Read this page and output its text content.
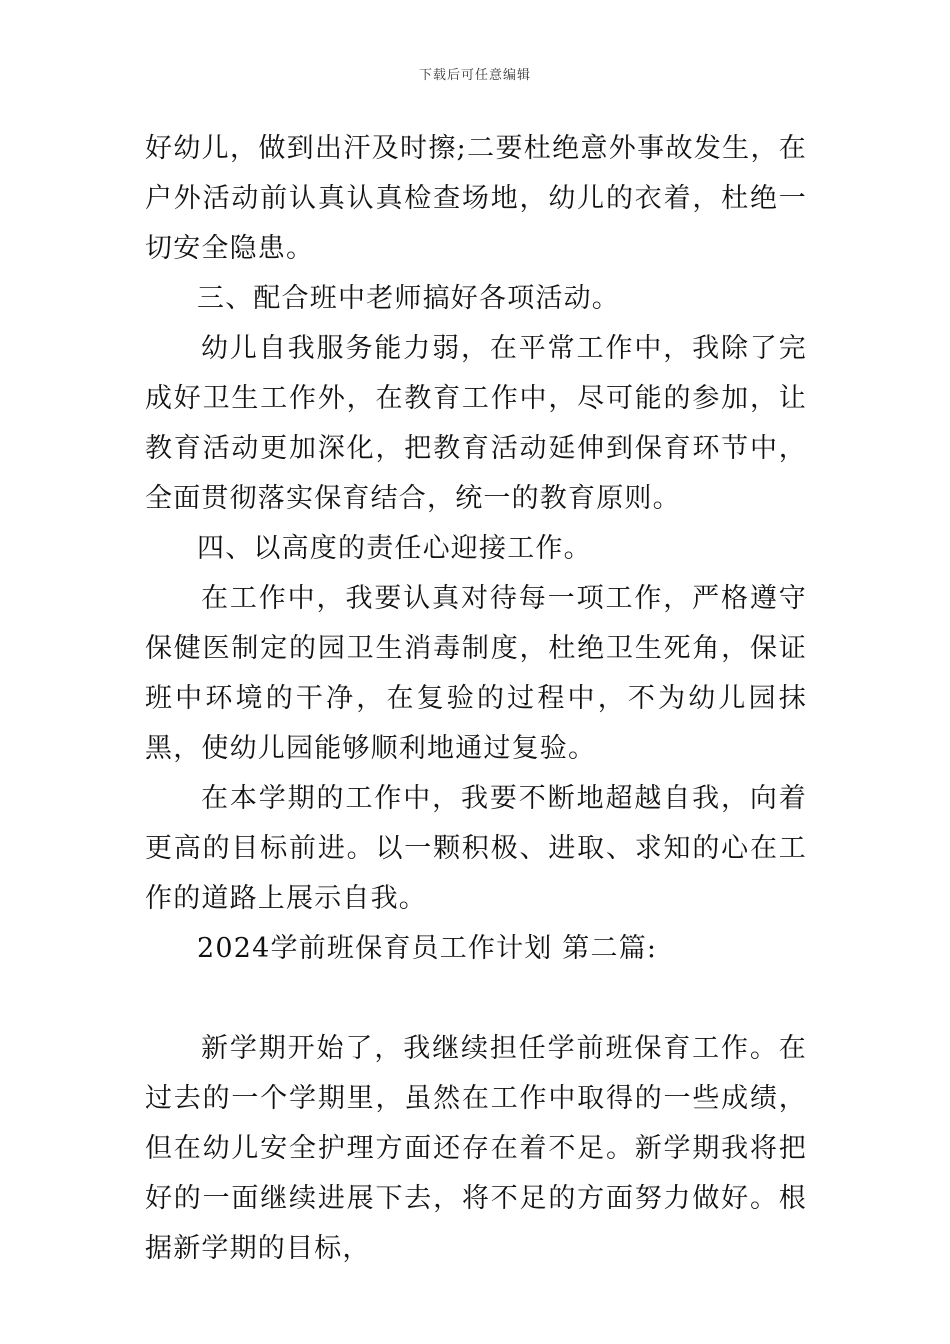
下载后可任意编辑

好幼儿，做到出汗及时擦;二要杜绝意外事故发生，在户外活动前认真认真检查场地，幼儿的衣着，杜绝一切安全隐患。

三、配合班中老师搞好各项活动。

幼儿自我服务能力弱，在平常工作中，我除了完成好卫生工作外，在教育工作中，尽可能的参加，让教育活动更加深化，把教育活动延伸到保育环节中，全面贯彻落实保育结合，统一的教育原则。

四、以高度的责任心迎接工作。

在工作中，我要认真对待每一项工作，严格遵守保健医制定的园卫生消毒制度，杜绝卫生死角，保证班中环境的干净，在复验的过程中，不为幼儿园抹黑，使幼儿园能够顺利地通过复验。

在本学期的工作中，我要不断地超越自我，向着更高的目标前进。以一颗积极、进取、求知的心在工作的道路上展示自我。

2024学前班保育员工作计划 第二篇:

新学期开始了，我继续担任学前班保育工作。在过去的一个学期里，虽然在工作中取得的一些成绩，但在幼儿安全护理方面还存在着不足。新学期我将把好的一面继续进展下去，将不足的方面努力做好。根据新学期的目标，
